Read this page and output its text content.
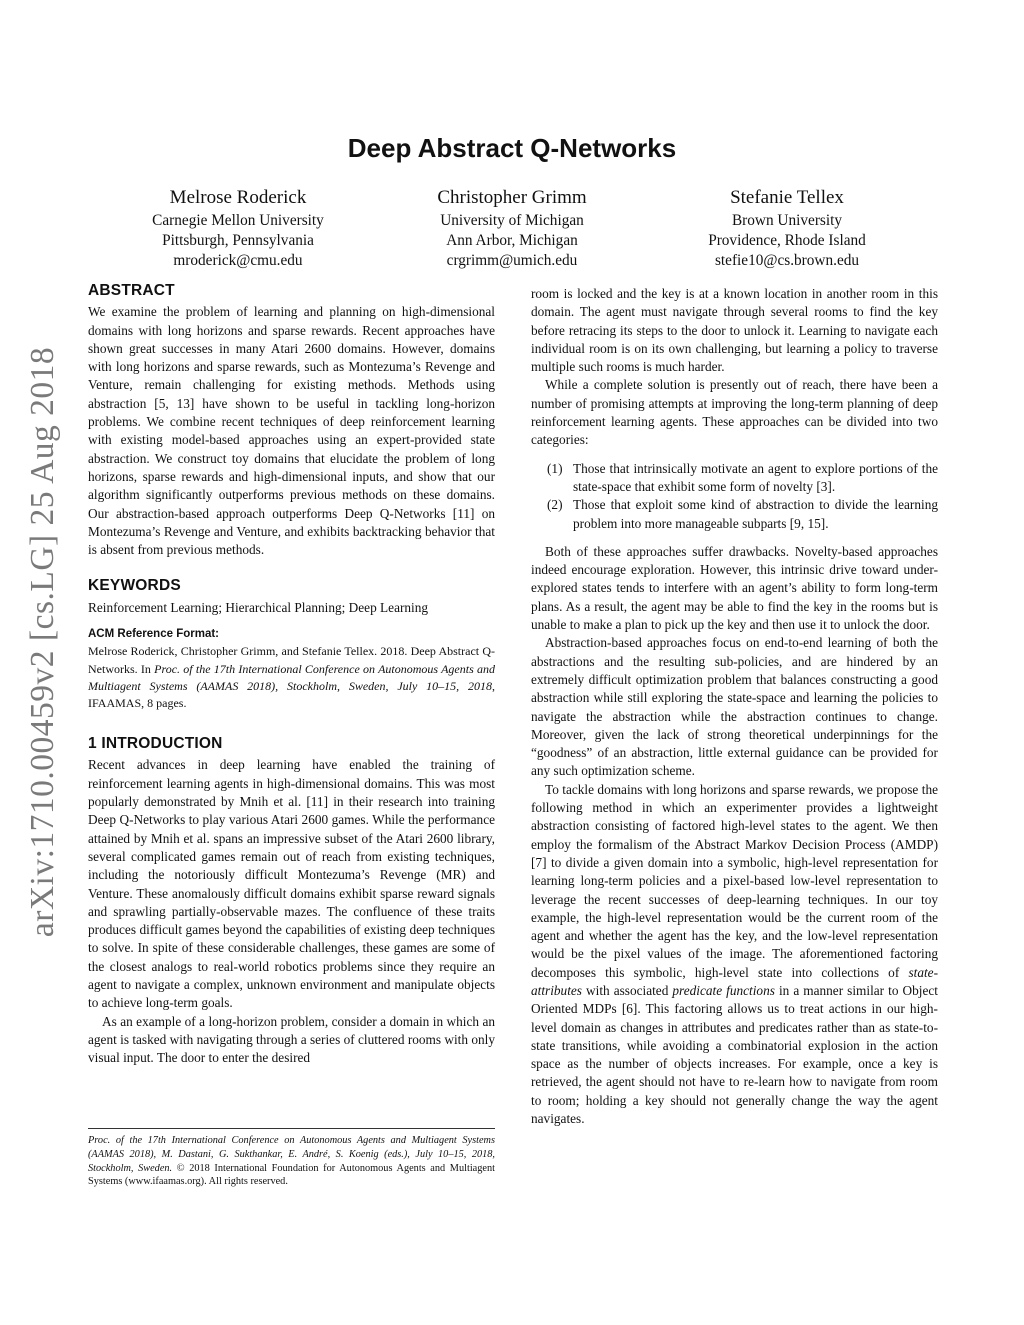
arXiv:1710.00459v2 [cs.LG] 25 Aug 2018
Deep Abstract Q-Networks
Melrose Roderick
Carnegie Mellon University
Pittsburgh, Pennsylvania
mroderick@cmu.edu
Christopher Grimm
University of Michigan
Ann Arbor, Michigan
crgrimm@umich.edu
Stefanie Tellex
Brown University
Providence, Rhode Island
stefie10@cs.brown.edu
ABSTRACT

We examine the problem of learning and planning on high-dimensional domains with long horizons and sparse rewards. Recent approaches have shown great successes in many Atari 2600 domains. However, domains with long horizons and sparse rewards, such as Montezuma’s Revenge and Venture, remain challenging for existing methods. Methods using abstraction [5, 13] have shown to be useful in tackling long-horizon problems. We combine recent techniques of deep reinforcement learning with existing model-based approaches using an expert-provided state abstraction. We construct toy domains that elucidate the problem of long horizons, sparse rewards and high-dimensional inputs, and show that our algorithm significantly outperforms previous methods on these domains. Our abstraction-based approach outperforms Deep Q-Networks [11] on Montezuma’s Revenge and Venture, and exhibits backtracking behavior that is absent from previous methods.

KEYWORDS

Reinforcement Learning; Hierarchical Planning; Deep Learning

ACM Reference Format:

Melrose Roderick, Christopher Grimm, and Stefanie Tellex. 2018. Deep Abstract Q-Networks. In Proc. of the 17th International Conference on Autonomous Agents and Multiagent Systems (AAMAS 2018), Stockholm, Sweden, July 10–15, 2018, IFAAMAS, 8 pages.

1 INTRODUCTION

Recent advances in deep learning have enabled the training of reinforcement learning agents in high-dimensional domains. This was most popularly demonstrated by Mnih et al. [11] in their research into training Deep Q-Networks to play various Atari 2600 games. While the performance attained by Mnih et al. spans an impressive subset of the Atari 2600 library, several complicated games remain out of reach from existing techniques, including the notoriously difficult Montezuma’s Revenge (MR) and Venture. These anomalously difficult domains exhibit sparse reward signals and sprawling partially-observable mazes. The confluence of these traits produces difficult games beyond the capabilities of existing deep techniques to solve. In spite of these considerable challenges, these games are some of the closest analogs to real-world robotics problems since they require an agent to navigate a complex, unknown environment and manipulate objects to achieve long-term goals.

As an example of a long-horizon problem, consider a domain in which an agent is tasked with navigating through a series of cluttered rooms with only visual input. The door to enter the desired

Proc. of the 17th International Conference on Autonomous Agents and Multiagent Systems (AAMAS 2018), M. Dastani, G. Sukthankar, E. André, S. Koenig (eds.), July 10–15, 2018, Stockholm, Sweden. © 2018 International Foundation for Autonomous Agents and Multiagent Systems (www.ifaamas.org). All rights reserved.

room is locked and the key is at a known location in another room in this domain. The agent must navigate through several rooms to find the key before retracing its steps to the door to unlock it. Learning to navigate each individual room is on its own challenging, but learning a policy to traverse multiple such rooms is much harder.

While a complete solution is presently out of reach, there have been a number of promising attempts at improving the long-term planning of deep reinforcement learning agents. These approaches can be divided into two categories:

(1) Those that intrinsically motivate an agent to explore portions of the state-space that exhibit some form of novelty [3].
(2) Those that exploit some kind of abstraction to divide the learning problem into more manageable subparts [9, 15].

Both of these approaches suffer drawbacks. Novelty-based approaches indeed encourage exploration. However, this intrinsic drive toward under-explored states tends to interfere with an agent’s ability to form long-term plans. As a result, the agent may be able to find the key in the rooms but is unable to make a plan to pick up the key and then use it to unlock the door.

Abstraction-based approaches focus on end-to-end learning of both the abstractions and the resulting sub-policies, and are hindered by an extremely difficult optimization problem that balances constructing a good abstraction while still exploring the state-space and learning the policies to navigate the abstraction while the abstraction continues to change. Moreover, given the lack of strong theoretical underpinnings for the “goodness” of an abstraction, little external guidance can be provided for any such optimization scheme.

To tackle domains with long horizons and sparse rewards, we propose the following method in which an experimenter provides a lightweight abstraction consisting of factored high-level states to the agent. We then employ the formalism of the Abstract Markov Decision Process (AMDP) [7] to divide a given domain into a symbolic, high-level representation for learning long-term policies and a pixel-based low-level representation to leverage the recent successes of deep-learning techniques. In our toy example, the high-level representation would be the current room of the agent and whether the agent has the key, and the low-level representation would be the pixel values of the image. The aforementioned factoring decomposes this symbolic, high-level state into collections of state-attributes with associated predicate functions in a manner similar to Object Oriented MDPs [6]. This factoring allows us to treat actions in our high-level domain as changes in attributes and predicates rather than as state-to-state transitions, while avoiding a combinatorial explosion in the action space as the number of objects increases. For example, once a key is retrieved, the agent should not have to re-learn how to navigate from room to room; holding a key should not generally change the way the agent navigates.
